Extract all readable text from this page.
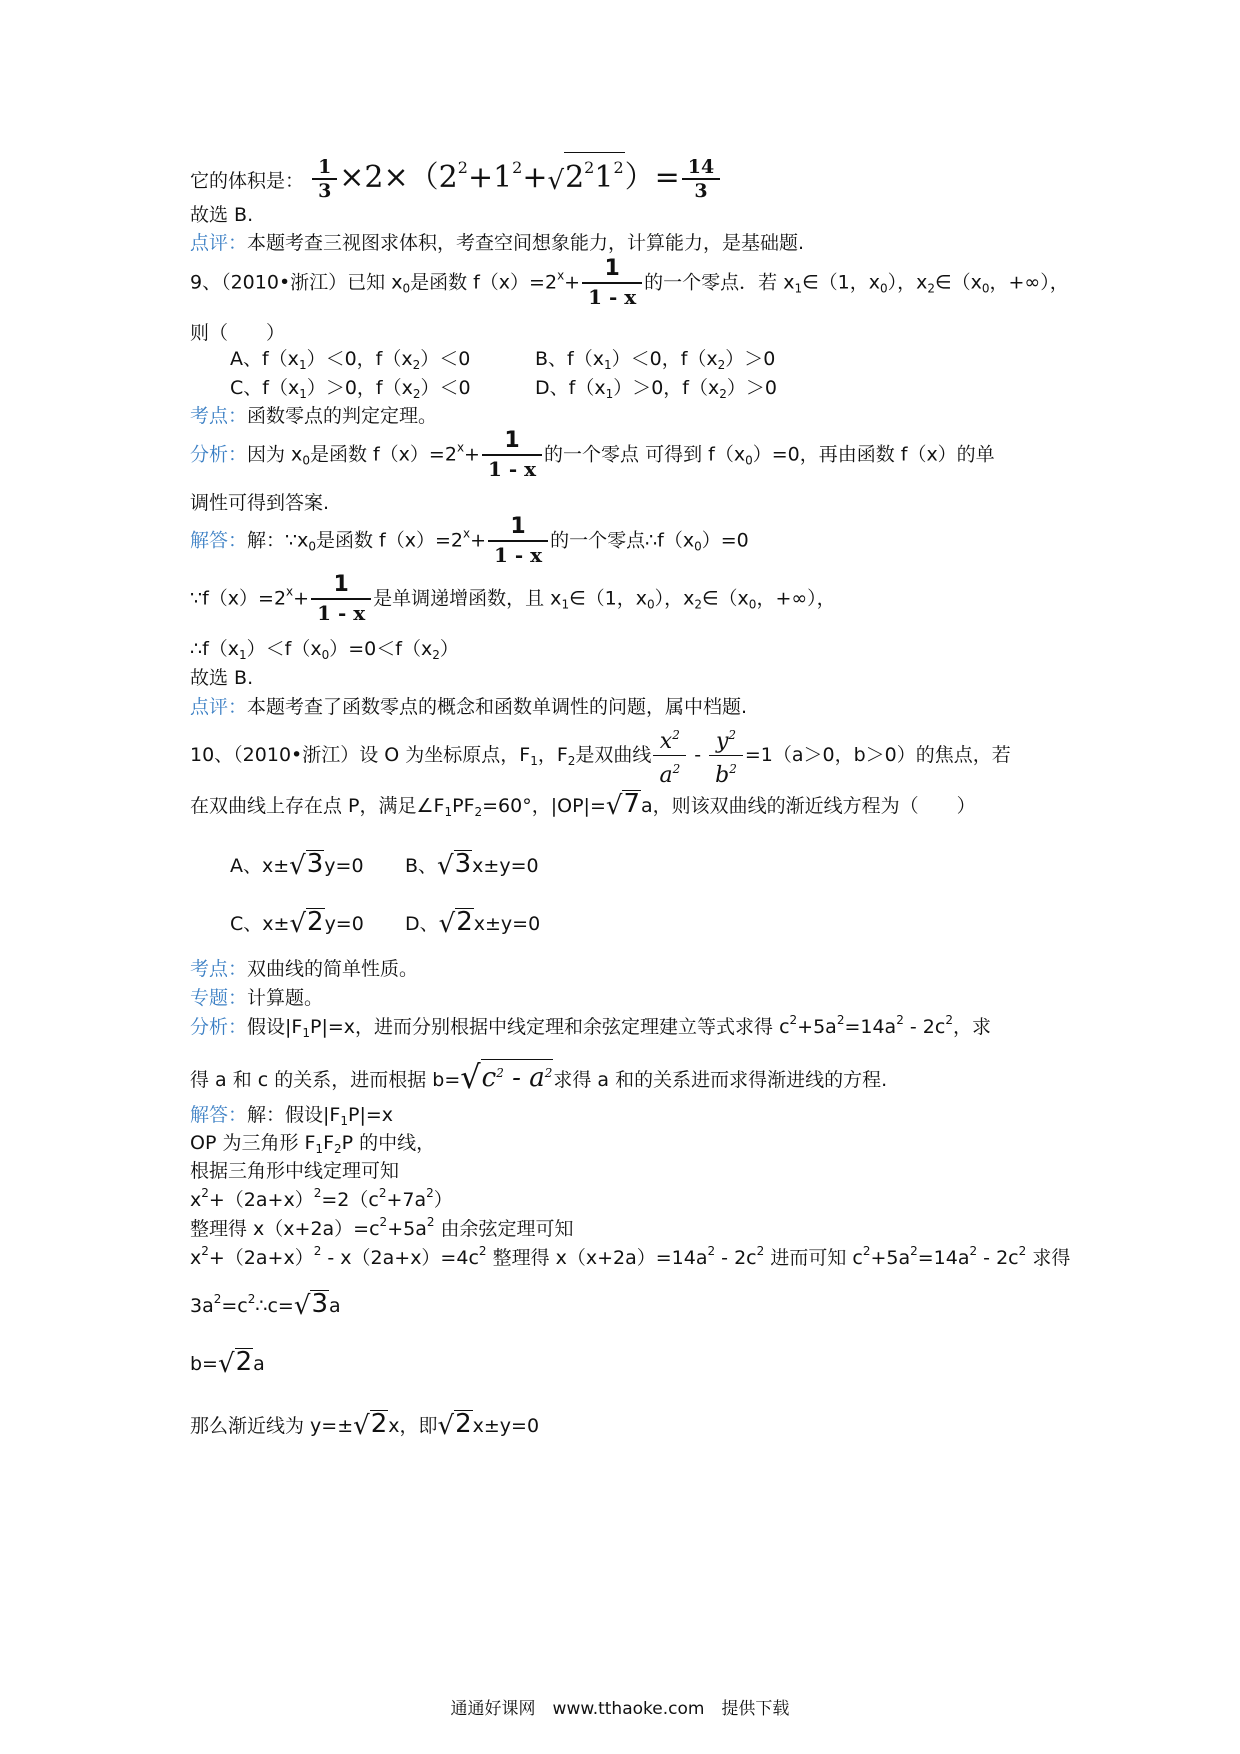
它的体积是： $\frac{1}{3} \times 2\times(2^2+1^2+√2^21^2)= \frac{14}{3}$
故选 B.
点评：本题考查三视图求体积，考查空间想象能力，计算能力，是基础题.
9、（2010•浙江）已知 $x_0$是函数 $f(x)=2^x+ \frac{1}{1 - x}$ 的一个零点．若 $x_1\in(1$，$x_0$），$x_2\in(x_0$，+∞），
则（　　）
A、$f(x_1)<0$，$f(x_2)<0$	B、$f(x_1)<0$，$f(x_2)>0$
C、$f(x_1)>0$，$f(x_2)<0$	D、$f(x_1)>0$，$f(x_2)>0$
考点：函数零点的判定定理。
分析：因为 $x_0$是函数 $f(x)=2^x+ \frac{1}{1 - x}$ 的一个零点 可得到 $f(x_0)=0$，再由函数 f（x）的单
调性可得到答案.
解答：解：$\because x_0$是函数 $f(x)=2^x+ \frac{1}{1 - x}$ 的一个零点$\therefore f(x_0)=0$
$\because f(x)=2^x+ \frac{1}{1 - x}$ 是单调递增函数，且 $x_1\in(1$，$x_0$），$x_2\in(x_0$，+∞），
$\therefore f(x_1)<f(x_0)=0<f(x_2)$
故选 B.
点评：本题考查了函数零点的概念和函数单调性的问题，属中档题.
10、（2010•浙江）设 O 为坐标原点，$F_1$，$F_2$是双曲线 $\frac{x^2}{a^2} - \frac{y^2}{b^2} =1(a>0$，b＞0）的焦点，若
在双曲线上存在点 P，满足$\angle F_1PF_2=60^\circ$，|OP|=√7a，则该双曲线的渐近线方程为（　　）
A、x±√3y=0 B、√3x±y=0
C、x±√2y=0 D、√2x±y=0
考点：双曲线的简单性质。
专题：计算题。
分析：假设$|F_1P|=x$，进而分别根据中线定理和余弦定理建立等式求得 $c^2+5a^2=14a^2 - 2c^2$，求
得 a 和 c 的关系，进而根据 $b=√c^2 - a^2$求得 a 和的关系进而求得渐进线的方程.
解答：解：假设$|F_1P|=x$
OP 为三角形 $F_1F_2P$ 的中线，
根据三角形中线定理可知
$x^2+(2a+x)^2=2(c^2+7a^2)$
整理得 $x(x+2a)=c^2+5a^2$ 由余弦定理可知
$x^2+(2a+x)^2 - x(2a+x)=4c^2$ 整理得 $x(x+2a)=14a^2 - 2c^2$ 进而可知 $c^2+5a^2=14a^2 - 2c^2$ 求得
$3a^2=c^2\therefore c=√3a$
b=√2a
那么渐近线为 y=±√2x，即√2x±y=0
通通好课网　www.tthaoke.com　提供下载
